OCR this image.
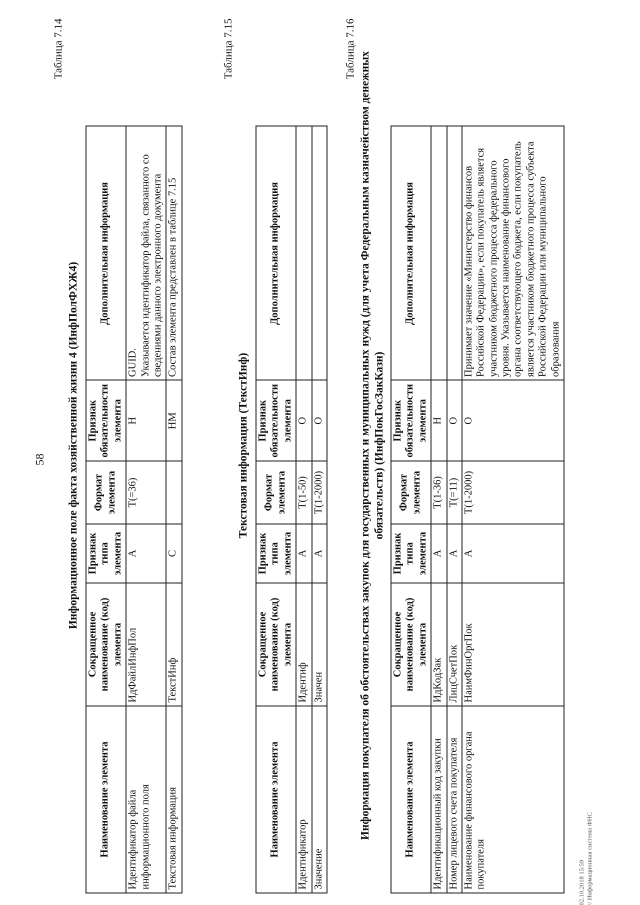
58
Таблица 7.14
Информационное поле факта хозяйственной жизни 4 (ИнфПолФХЖ4)
Наименование элемента	Сокращенное наименование (код) элемента	Признак типа элемента	Формат элемента	Признак обязательности элемента	Дополнительная информация
Идентификатор файла информационного поля	ИдФайлИнфПол	А	Т(=36)	Н	GUID.
Указывается идентификатор файла, связанного со сведениями данного электронного документа
Текстовая информация	ТекстИнф	С		НМ	Состав элемента представлен в таблице 7.15
Таблица 7.15
Текстовая информация (ТекстИнф)
Наименование элемента	Сокращенное наименование (код) элемента	Признак типа элемента	Формат элемента	Признак обязательности элемента	Дополнительная информация
Идентификатор	Идентиф	А	Т(1-50)	О	
Значение	Значен	А	Т(1-2000)	О	
Таблица 7.16
Информация покупателя об обстоятельствах закупок для государственных и муниципальных нужд (для учета Федеральным казначейством денежных обязательств) (ИнфПокГосЗакКазн)
Наименование элемента	Сокращенное наименование (код) элемента	Признак типа элемента	Формат элемента	Признак обязательности элемента	Дополнительная информация
Идентификационный код закупки	ИдКодЗак	А	Т(1-36)	Н	
Номер лицевого счета покупателя	ЛицСчетПок	А	Т(=11)	О	
Наименование финансового органа покупателя	НаимФинОргПок	А	Т(1-2000)	О	Принимает значение «Министерство финансов Российской Федерации», если покупатель является участником бюджетного процесса федерального уровня. Указывается наименование финансового органа соответствующего бюджета, если покупатель является участником бюджетного процесса субъекта Российской Федерации или муниципального образования
02.10.2018 15:59 // Информационная система ФНС
